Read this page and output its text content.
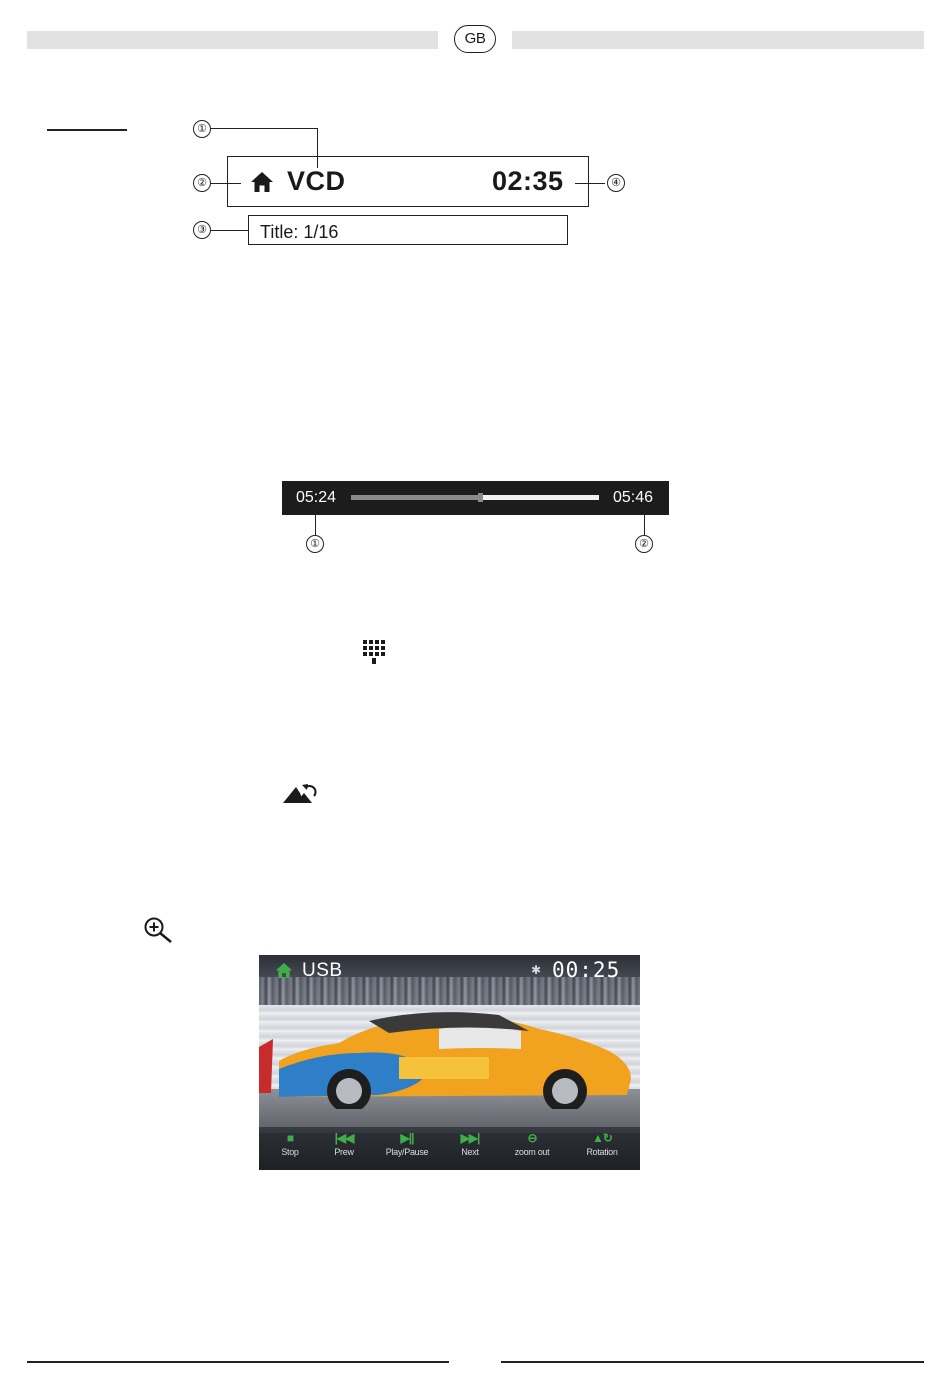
GB
①
②	VCD	02:35	④
③	Title: 1/16
05:24	05:46
①	②
USB	✱ 00:25
■
Stop
|◀◀
Prew
▶||
Play/Pause
▶▶|
Next
⊖
zoom out
▲↻
Rotation
